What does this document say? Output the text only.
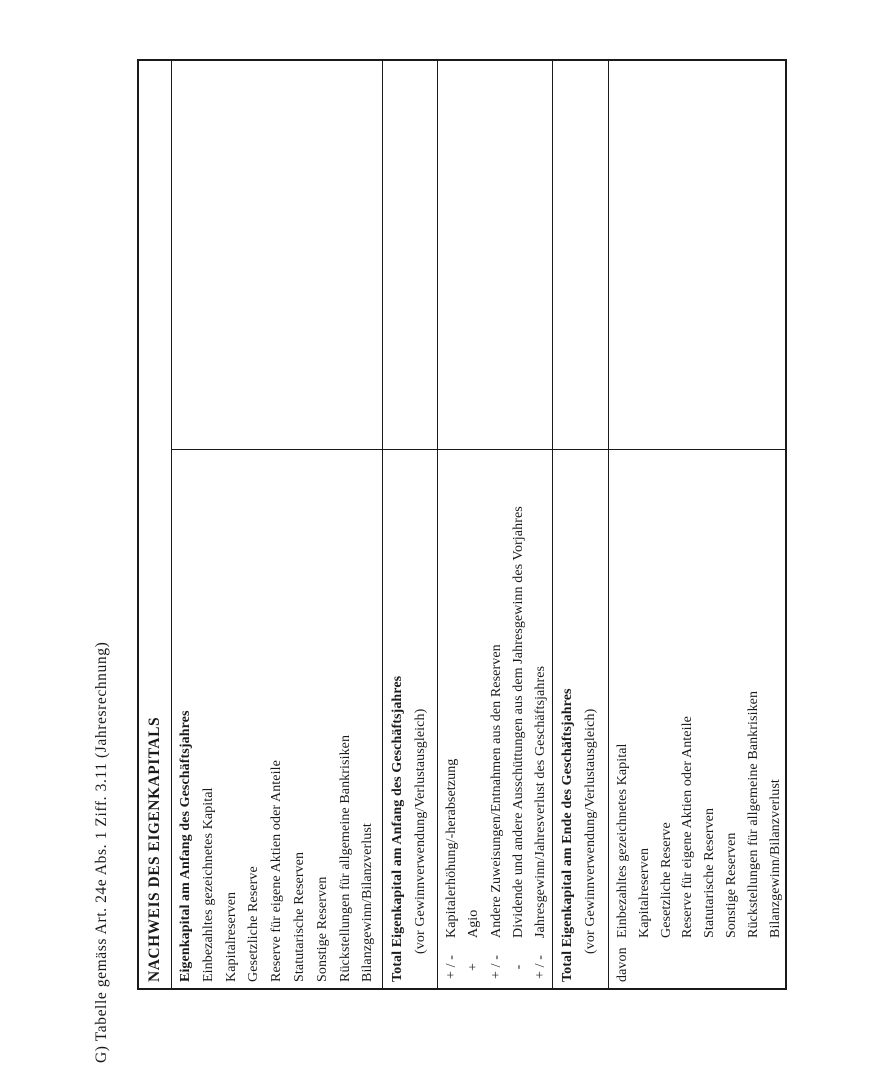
G) Tabelle gemäss Art. 24e Abs. 1 Ziff. 3.11 (Jahresrechnung) NACHWEIS DES EIGENKAPITALS Eigenkapital am Anfang des Geschäftsjahres Einbezahltes gezeichnetes Kapital Kapitalreserven Gesetzliche Reserve Reserve für eigene Aktien oder Anteile Statutarische Reserven Sonstige Reserven Rückstellungen für allgemeine Bankrisiken Bilanzgewinn/Bilanzverlust	Total Eigenkapital am Anfang des Geschäftsjahres (vor Gewinnverwendung/Verlustausgleich)
+ / -Kapitalerhöhung/-herabsetzung
+Agio
+ / -Andere Zuweisungen/Entnahmen aus den Reserven
-Dividende und andere Ausschüttungen aus dem Jahresgewinn des Vorjahres
+ / -Jahresgewinn/Jahresverlust des Geschäftsjahres Total Eigenkapital am Ende des Geschäftsjahres (vor Gewinnverwendung/Verlustausgleich)
davonEinbezahltes gezeichnetes Kapital Kapitalreserven Gesetzliche Reserve Reserve für eigene Aktien oder Anteile Statutarische Reserven Sonstige Reserven Rückstellungen für allgemeine Bankrisiken Bilanzgewinn/Bilanzverlust
